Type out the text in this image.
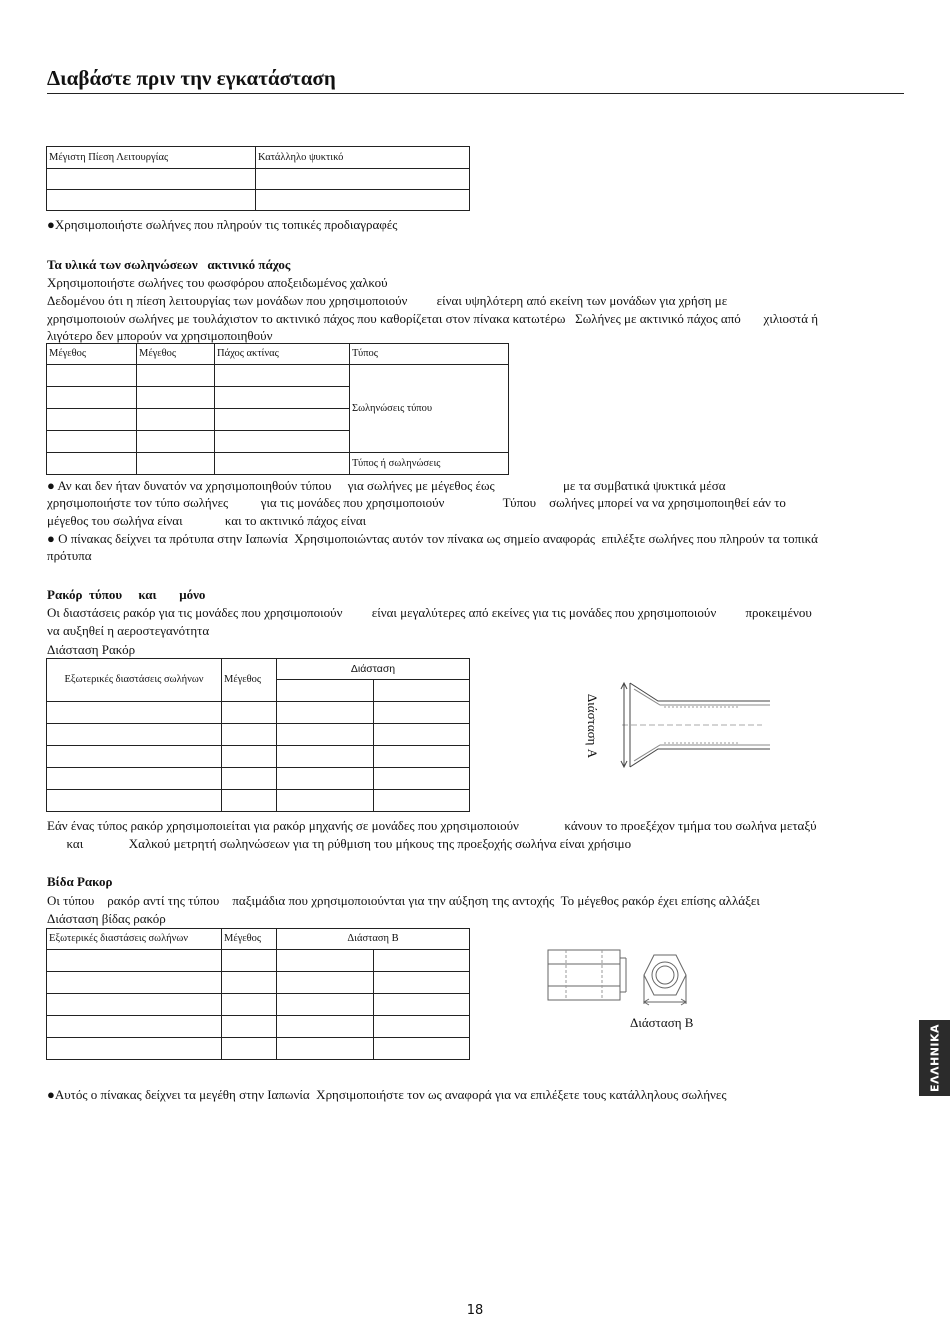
Διαβάστε πριν την εγκατάσταση
Μέγιστη Πίεση Λειτουργίας	Κατάλληλο ψυκτικό

●Χρησιμοποιήστε σωλήνες που πληρούν τις τοπικές προδιαγραφές
Τα υλικά των σωληνώσεων   ακτινικό πάχος
Χρησιμοποιήστε σωλήνες του φωσφόρου αποξειδωμένος χαλκού
Δεδομένου ότι η πίεση λειτουργίας των μονάδων που χρησιμοποιούν         είναι υψηλότερη από εκείνη των μονάδων για χρήση με
χρησιμοποιούν σωλήνες με τουλάχιστον το ακτινικό πάχος που καθορίζεται στον πίνακα κατωτέρω   Σωλήνες με ακτινικό πάχος από       χιλιοστά ή
λιγότερο δεν μπορούν να χρησιμοποιηθούν
Μέγεθος	Μέγεθος	Πάχος ακτίνας	Τύπος
			Σωληνώσεις τύπου

			Τύπος ή σωληνώσεις
● Αν και δεν ήταν δυνατόν να χρησιμοποιηθούν τύπου     για σωλήνες με μέγεθος έως                     με τα συμβατικά ψυκτικά μέσα
χρησιμοποιήστε τον τύπο σωλήνες          για τις μονάδες που χρησιμοποιούν                  Τύπου    σωλήνες μπορεί να να χρησιμοποιηθεί εάν το
μέγεθος του σωλήνα είναι             και το ακτινικό πάχος είναι
● Ο πίνακας δείχνει τα πρότυπα στην Ιαπωνία  Χρησιμοποιώντας αυτόν τον πίνακα ως σημείο αναφοράς  επιλέξτε σωλήνες που πληρούν τα τοπικά
πρότυπα
Ρακόρ  τύπου     και       μόνο
Οι διαστάσεις ρακόρ για τις μονάδες που χρησιμοποιούν         είναι μεγαλύτερες από εκείνες για τις μονάδες που χρησιμοποιούν         προκειμένου
να αυξηθεί η αεροστεγανότητα
Διάσταση Ρακόρ
Εξωτερικές διαστάσεις σωλήνων	Μέγεθος	Διάσταση	

Διάσταση A
Εάν ένας τύπος ρακόρ χρησιμοποιείται για ρακόρ μηχανής σε μονάδες που χρησιμοποιούν              κάνουν το προεξέχον τμήμα του σωλήνα μεταξύ
και              Χαλκού μετρητή σωληνώσεων για τη ρύθμιση του μήκους της προεξοχής σωλήνα είναι χρήσιμο
Βίδα Ρακορ
Οι τύπου    ρακόρ αντί της τύπου    παξιμάδια που χρησιμοποιούνται για την αύξηση της αντοχής  Το μέγεθος ρακόρ έχει επίσης αλλάξει
Διάσταση βίδας ρακόρ
Εξωτερικές διαστάσεις σωλήνων	Μέγεθος	Διάσταση B	

Διάσταση B
●Αυτός ο πίνακας δείχνει τα μεγέθη στην Ιαπωνία  Χρησιμοποιήστε τον ως αναφορά για να επιλέξετε τους κατάλληλους σωλήνες
ΕΛΛΗΝΙΚΑ
18
